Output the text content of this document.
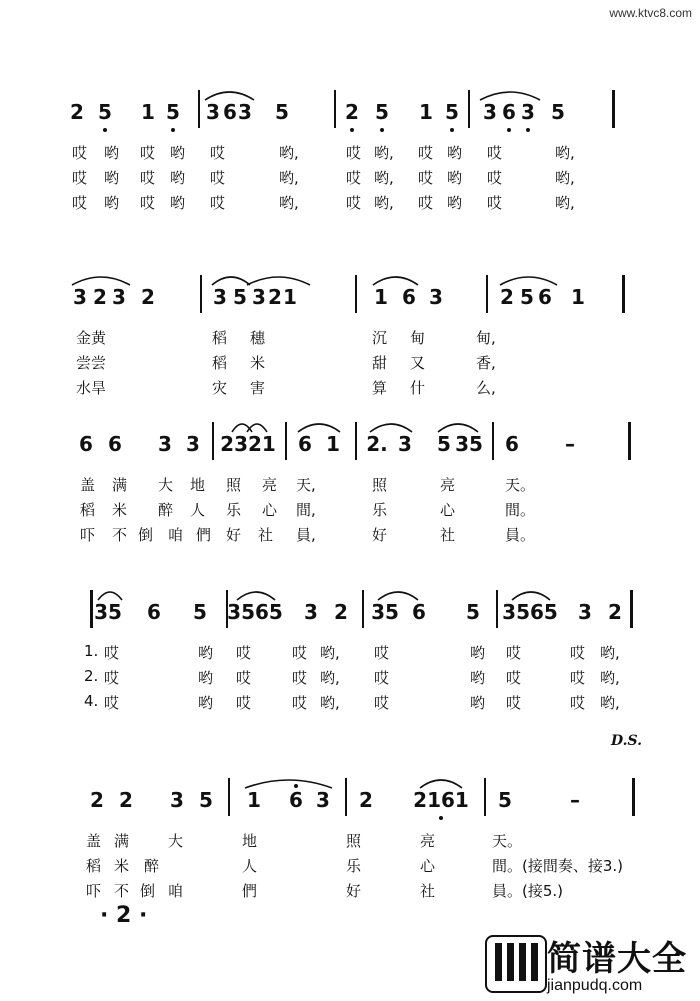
www.ktvc8.com
2 5 1 5 3 6 3 5	2 5 1 5 3 6 3 5
哎 哟 哎 哟 哎	哟,	哎 哟, 哎 哟 哎	哟,
哎 哟 哎 哟 哎	哟,	哎 哟, 哎 哟 哎	哟,
哎 哟 哎 哟 哎	哟,	哎 哟, 哎 哟 哎	哟,
3 2 3 2	3 5 3 2 1	1 6 3	2 5 6 1
金黄	稻 穗	沉 甸	甸,
尝尝	稻 米	甜 又	香,
水旱	灾 害	算 什	么,
6 6 3 3 2321 6 1 2. 3 5 35 6 –
盖 满 大 地 照 亮 天,	照	亮	天。
稻 米 醉 人 乐 心 間,	乐	心	間。
吓 不 倒 咱 們 好 社 員,	好	社	員。
35 6 5 3565 3 2 35 6 5 3565 3 2
1. 哎	哟 哎	哎 哟, 哎	哟 哎	哎 哟,
2. 哎	哟 哎	哎 哟, 哎	哟 哎	哎 哟,
4. 哎	哟 哎	哎 哟, 哎	哟 哎	哎 哟,
2 2 3 5 1 6 3 2 2161 5	–
盖 满	大	地	照	亮	天。
稻 米 醉	人	乐	心	間。(接間奏、接3.)
吓 不 倒 咱	們	好	社	員。(接5.)
D.S.
· 2 ·
简谱大全
jianpudq.com
